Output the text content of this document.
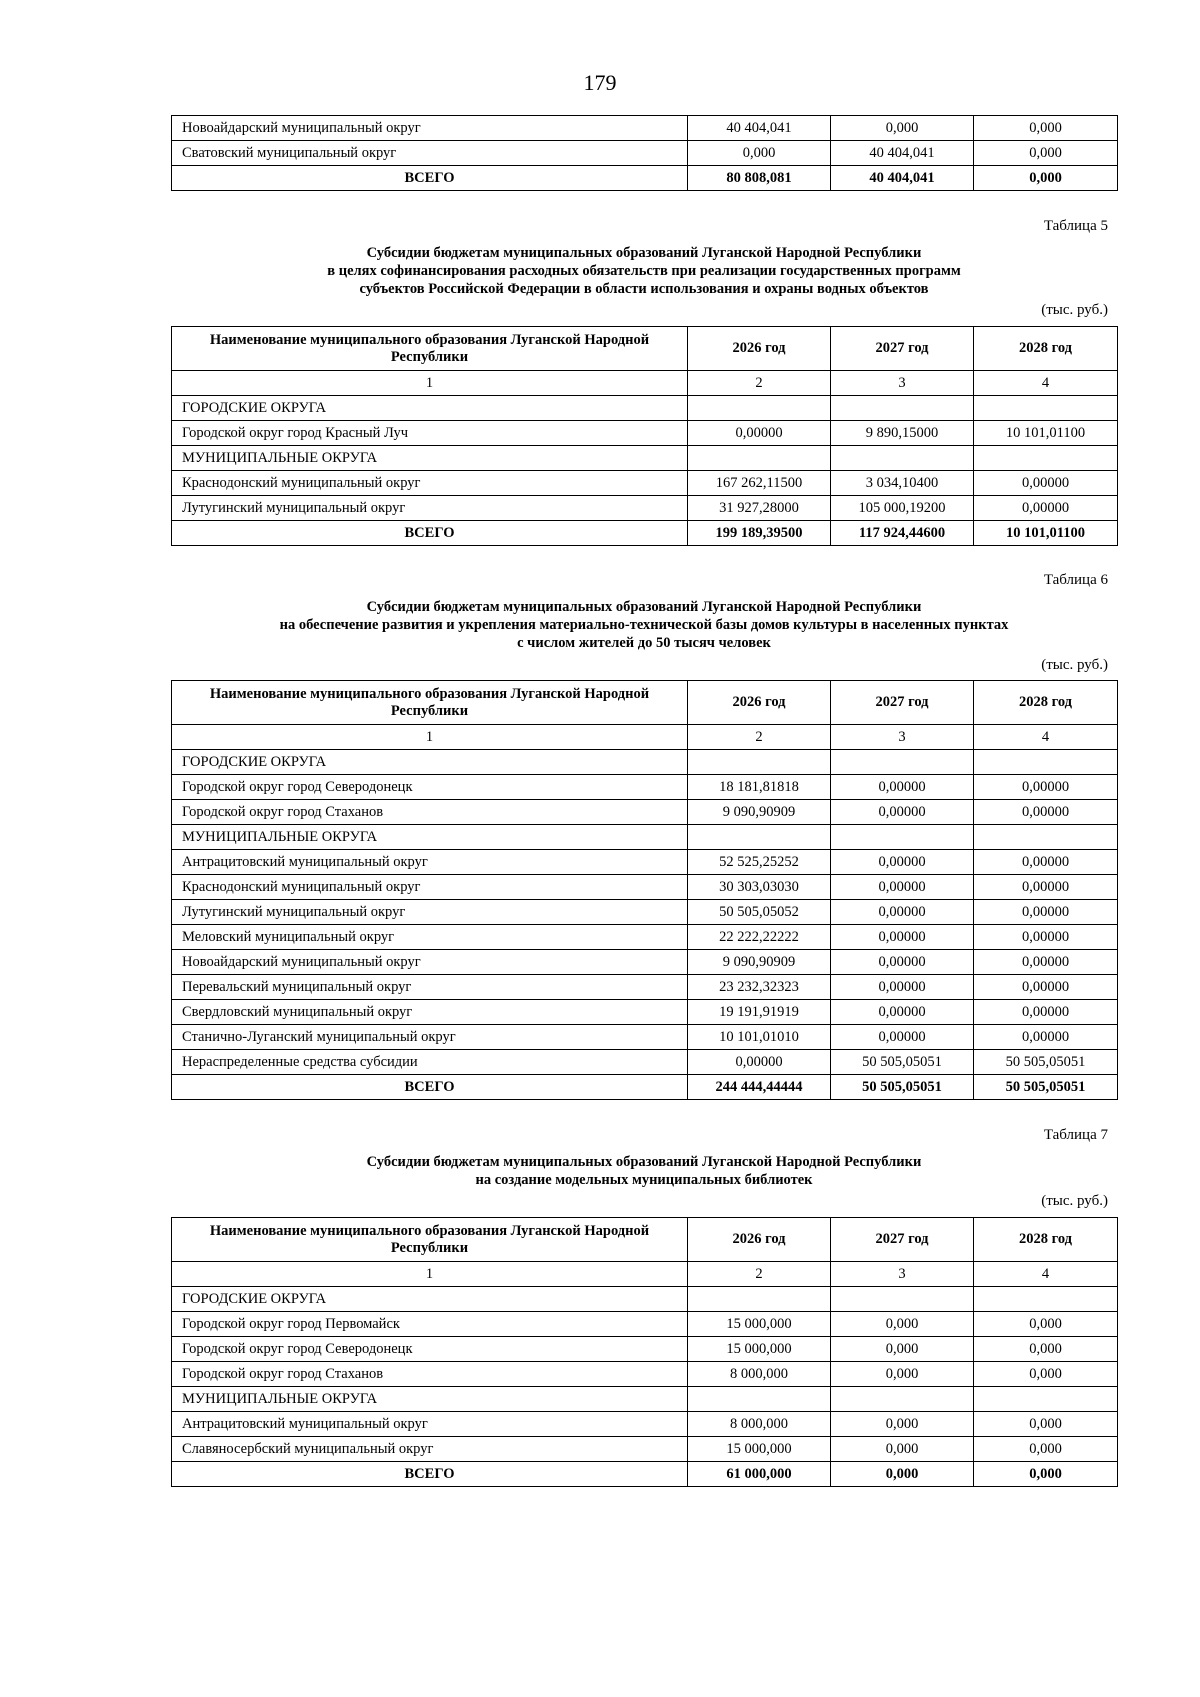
179
Новоайдарский муниципальный округ	40 404,041	0,000	0,000
Сватовский муниципальный округ	0,000	40 404,041	0,000
ВСЕГО	80 808,081	40 404,041	0,000
Таблица 5
Субсидии бюджетам муниципальных образований Луганской Народной Республики
в целях софинансирования расходных обязательств при реализации государственных программ
субъектов Российской Федерации в области использования и охраны водных объектов
(тыс. руб.)
Наименование муниципального образования Луганской Народной Республики	2026 год	2027 год	2028 год
1	2	3	4
ГОРОДСКИЕ ОКРУГА			
Городской округ город Красный Луч	0,00000	9 890,15000	10 101,01100
МУНИЦИПАЛЬНЫЕ ОКРУГА			
Краснодонский муниципальный округ	167 262,11500	3 034,10400	0,00000
Лутугинский муниципальный округ	31 927,28000	105 000,19200	0,00000
ВСЕГО	199 189,39500	117 924,44600	10 101,01100
Таблица 6
Субсидии бюджетам муниципальных образований Луганской Народной Республики
на обеспечение развития и укрепления материально-технической базы домов культуры в населенных пунктах
с числом жителей до 50 тысяч человек
(тыс. руб.)
Наименование муниципального образования Луганской Народной Республики	2026 год	2027 год	2028 год
1	2	3	4
ГОРОДСКИЕ ОКРУГА			
Городской округ город Северодонецк	18 181,81818	0,00000	0,00000
Городской округ город Стаханов	9 090,90909	0,00000	0,00000
МУНИЦИПАЛЬНЫЕ ОКРУГА			
Антрацитовский муниципальный округ	52 525,25252	0,00000	0,00000
Краснодонский муниципальный округ	30 303,03030	0,00000	0,00000
Лутугинский муниципальный округ	50 505,05052	0,00000	0,00000
Меловский муниципальный округ	22 222,22222	0,00000	0,00000
Новоайдарский муниципальный округ	9 090,90909	0,00000	0,00000
Перевальский муниципальный округ	23 232,32323	0,00000	0,00000
Свердловский муниципальный округ	19 191,91919	0,00000	0,00000
Станично-Луганский муниципальный округ	10 101,01010	0,00000	0,00000
Нераспределенные средства субсидии	0,00000	50 505,05051	50 505,05051
ВСЕГО	244 444,44444	50 505,05051	50 505,05051
Таблица 7
Субсидии бюджетам муниципальных образований Луганской Народной Республики
на создание модельных муниципальных библиотек
(тыс. руб.)
Наименование муниципального образования Луганской Народной Республики	2026 год	2027 год	2028 год
1	2	3	4
ГОРОДСКИЕ ОКРУГА			
Городской округ город Первомайск	15 000,000	0,000	0,000
Городской округ город Северодонецк	15 000,000	0,000	0,000
Городской округ город Стаханов	8 000,000	0,000	0,000
МУНИЦИПАЛЬНЫЕ ОКРУГА			
Антрацитовский муниципальный округ	8 000,000	0,000	0,000
Славяносербский муниципальный округ	15 000,000	0,000	0,000
ВСЕГО	61 000,000	0,000	0,000
